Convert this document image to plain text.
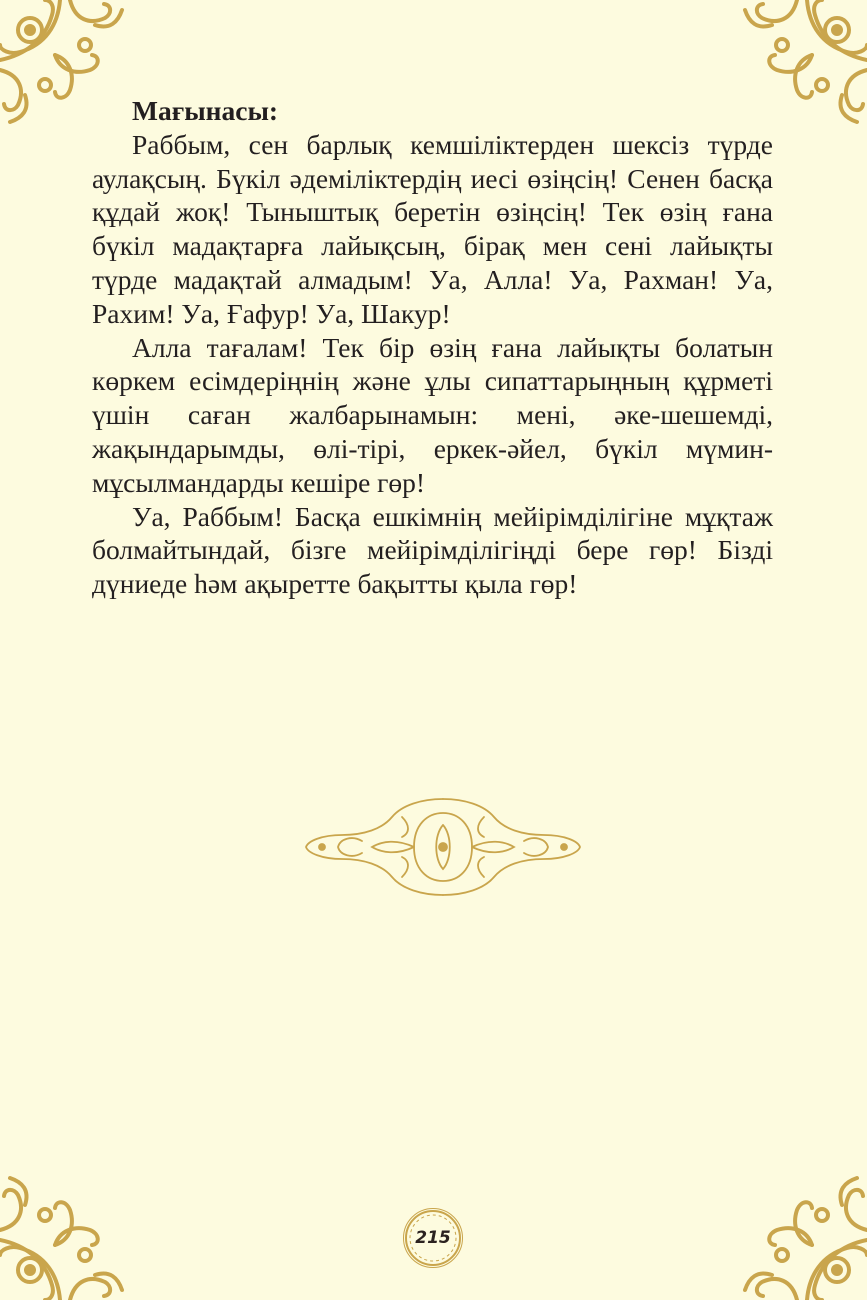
Мағынасы:

Раббым, сен барлық кемшіліктерден шексіз түрде аулақсың. Бүкіл әдеміліктердің иесі өзіңсің! Сенен басқа құдай жоқ! Тыныштық беретін өзіңсің! Тек өзің ғана бүкіл мадақтарға лайықсың, бірақ мен сені лайықты түрде мадақтай алмадым! Уа, Алла! Уа, Рахман! Уа, Рахим! Уа, Ғафур! Уа, Шакур!

Алла тағалам! Тек бір өзің ғана лайықты болатын көркем есімдеріңнің және ұлы сипаттарыңның құрметі үшін саған жалбарынамын: мені, әке-шешемді, жақындарымды, өлі-тірі, еркек-әйел, бүкіл мүмин-мұсылмандарды кешіре гөр!

Уа, Раббым! Басқа ешкімнің мейірімділігіне мұқтаж болмайтындай, бізге мейірімділігіңді бере гөр! Бізді дүниеде һәм ақыретте бақытты қыла гөр!

215
